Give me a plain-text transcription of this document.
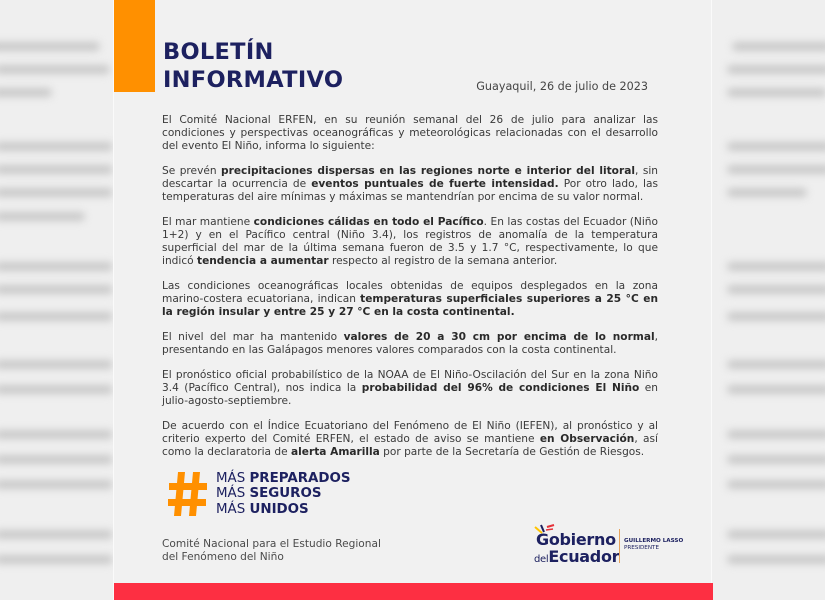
BOLETÍN
INFORMATIVO	Guayaquil, 26 de julio de 2023

El Comité Nacional ERFEN, en su reunión semanal del 26 de julio para analizar las condiciones y perspectivas oceanográficas y meteorológicas relacionadas con el desarrollo del evento El Niño, informa lo siguiente:

Se prevén precipitaciones dispersas en las regiones norte e interior del litoral, sin descartar la ocurrencia de eventos puntuales de fuerte intensidad. Por otro lado, las temperaturas del aire mínimas y máximas se mantendrían por encima de su valor normal.

El mar mantiene condiciones cálidas en todo el Pacífico. En las costas del Ecuador (Niño 1+2) y en el Pacífico central (Niño 3.4), los registros de anomalía de la temperatura superficial del mar de la última semana fueron de 3.5 y 1.7 °C, respectivamente, lo que indicó tendencia a aumentar respecto al registro de la semana anterior.

Las condiciones oceanográficas locales obtenidas de equipos desplegados en la zona marino-costera ecuatoriana, indican temperaturas superficiales superiores a 25 °C en la región insular y entre 25 y 27 °C en la costa continental.

El nivel del mar ha mantenido valores de 20 a 30 cm por encima de lo normal, presentando en las Galápagos menores valores comparados con la costa continental.

El pronóstico oficial probabilístico de la NOAA de El Niño-Oscilación del Sur en la zona Niño 3.4 (Pacífico Central), nos indica la probabilidad del 96% de condiciones El Niño en julio-agosto-septiembre.

De acuerdo con el Índice Ecuatoriano del Fenómeno de El Niño (IEFEN), al pronóstico y al criterio experto del Comité ERFEN, el estado de aviso se mantiene en Observación, así como la declaratoria de alerta Amarilla por parte de la Secretaría de Gestión de Riesgos.

MÁS PREPARADOS
MÁS SEGUROS
MÁS UNIDOS
Comité Nacional para el Estudio Regional
del Fenómeno del Niño
Gobierno
delEcuador
GUILLERMO LASSO
PRESIDENTE
